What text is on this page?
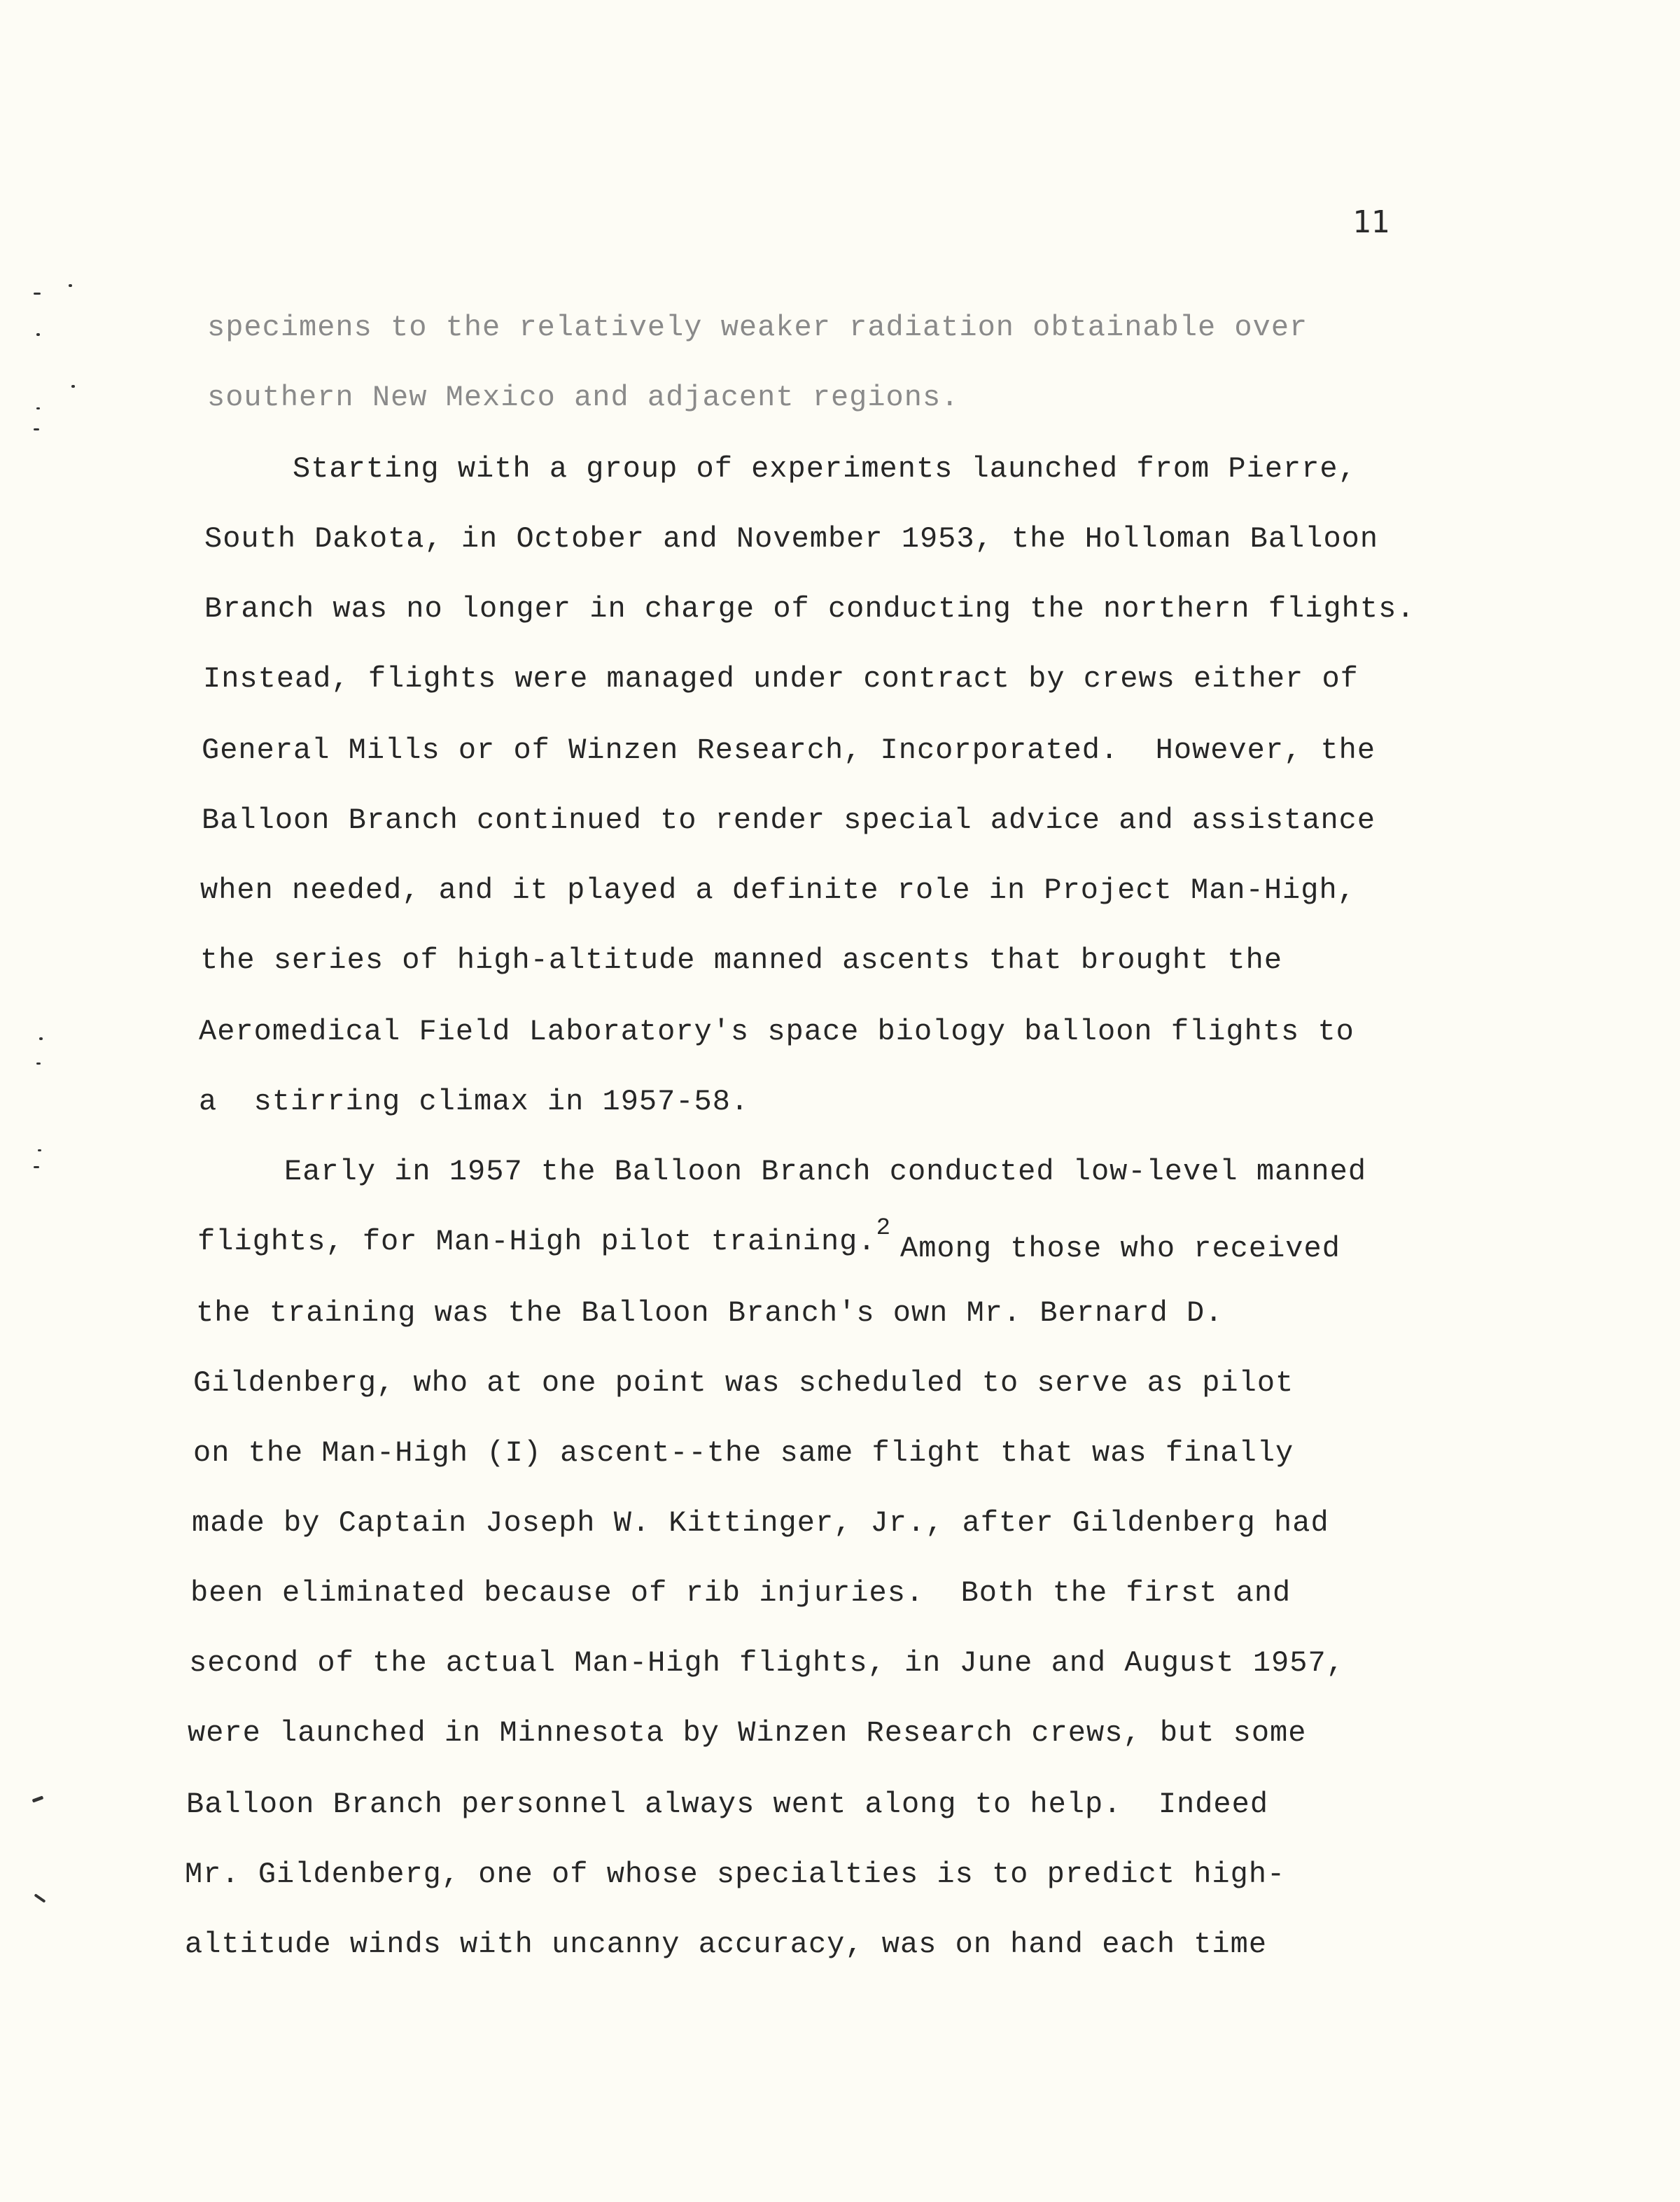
11
specimens to the relatively weaker radiation obtainable over
southern New Mexico and adjacent regions.
Starting with a group of experiments launched from Pierre,
South Dakota, in October and November 1953, the Holloman Balloon
Branch was no longer in charge of conducting the northern flights.
Instead, flights were managed under contract by crews either of
General Mills or of Winzen Research, Incorporated.  However, the
Balloon Branch continued to render special advice and assistance
when needed, and it played a definite role in Project Man-High,
the series of high-altitude manned ascents that brought the
Aeromedical Field Laboratory's space biology balloon flights to
a  stirring climax in 1957-58.
Early in 1957 the Balloon Branch conducted low-level manned
flights, for Man-High pilot training.$^2$
Among those who received
the training was the Balloon Branch's own Mr. Bernard D.
Gildenberg, who at one point was scheduled to serve as pilot
on the Man-High (I) ascent--the same flight that was finally
made by Captain Joseph W. Kittinger, Jr., after Gildenberg had
been eliminated because of rib injuries.  Both the first and
second of the actual Man-High flights, in June and August 1957,
were launched in Minnesota by Winzen Research crews, but some
Balloon Branch personnel always went along to help.  Indeed
Mr. Gildenberg, one of whose specialties is to predict high-
altitude winds with uncanny accuracy, was on hand each time
